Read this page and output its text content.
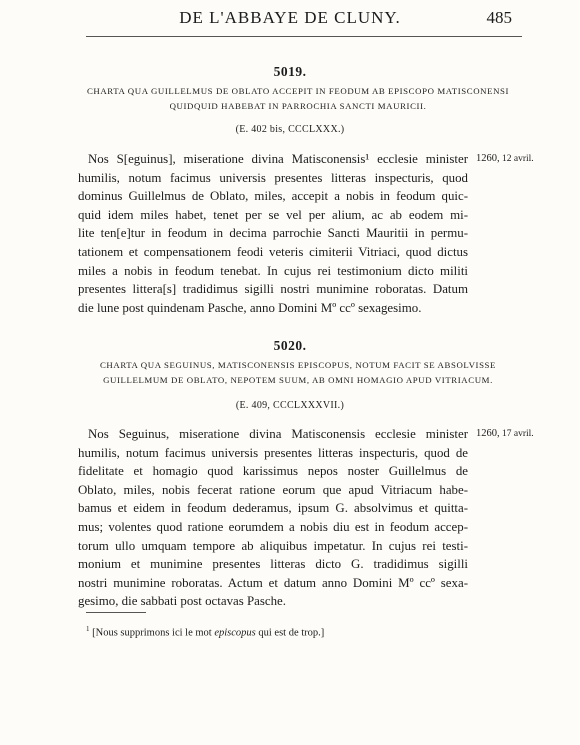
DE L'ABBAYE DE CLUNY.	485
5019.
CHARTA QUA GUILLELMUS DE OBLATO ACCEPIT IN FEODUM AB EPISCOPO MATISCONENSI
QUIDQUID HABEBAT IN PARROCHIA SANCTI MAURICII.
(E. 402 bis, CCCLXXX.)
1260, 12 avril.
Nos S[eguinus], miseratione divina Matisconensis¹ ecclesie minister
humilis, notum facimus universis presentes litteras inspecturis, quod
dominus Guillelmus de Oblato, miles, accepit a nobis in feodum quic-
quid idem miles habet, tenet per se vel per alium, ac ab eodem mi-
lite ten[e]tur in feodum in decima parrochie Sancti Mauritii in permu-
tationem et compensationem feodi veteris cimiterii Vitriaci, quod dictus
miles a nobis in feodum tenebat. In cujus rei testimonium dicto militi
presentes littera[s] tradidimus sigilli nostri munimine roboratas. Datum
die lune post quindenam Pasche, anno Domini Mº ccº sexagesimo.
5020.
CHARTA QUA SEGUINUS, MATISCONENSIS EPISCOPUS, NOTUM FACIT SE ABSOLVISSE
GUILLELMUM DE OBLATO, NEPOTEM SUUM, AB OMNI HOMAGIO APUD VITRIACUM.
(E. 409, CCCLXXXVII.)
1260, 17 avril.
Nos Seguinus, miseratione divina Matisconensis ecclesie minister
humilis, notum facimus universis presentes litteras inspecturis, quod de
fidelitate et homagio quod karissimus nepos noster Guillelmus de
Oblato, miles, nobis fecerat ratione eorum que apud Vitriacum habe-
bamus et eidem in feodum dederamus, ipsum G. absolvimus et quitta-
mus; volentes quod ratione eorumdem a nobis diu est in feodum accep-
torum ullo umquam tempore ab aliquibus impetatur. In cujus rei testi-
monium et munimine presentes litteras dicto G. tradidimus sigilli
nostri munimine roboratas. Actum et datum anno Domini Mº ccº sexa-
gesimo, die sabbati post octavas Pasche.
$^1$ [Nous supprimons ici le mot episcopus qui est de trop.]
